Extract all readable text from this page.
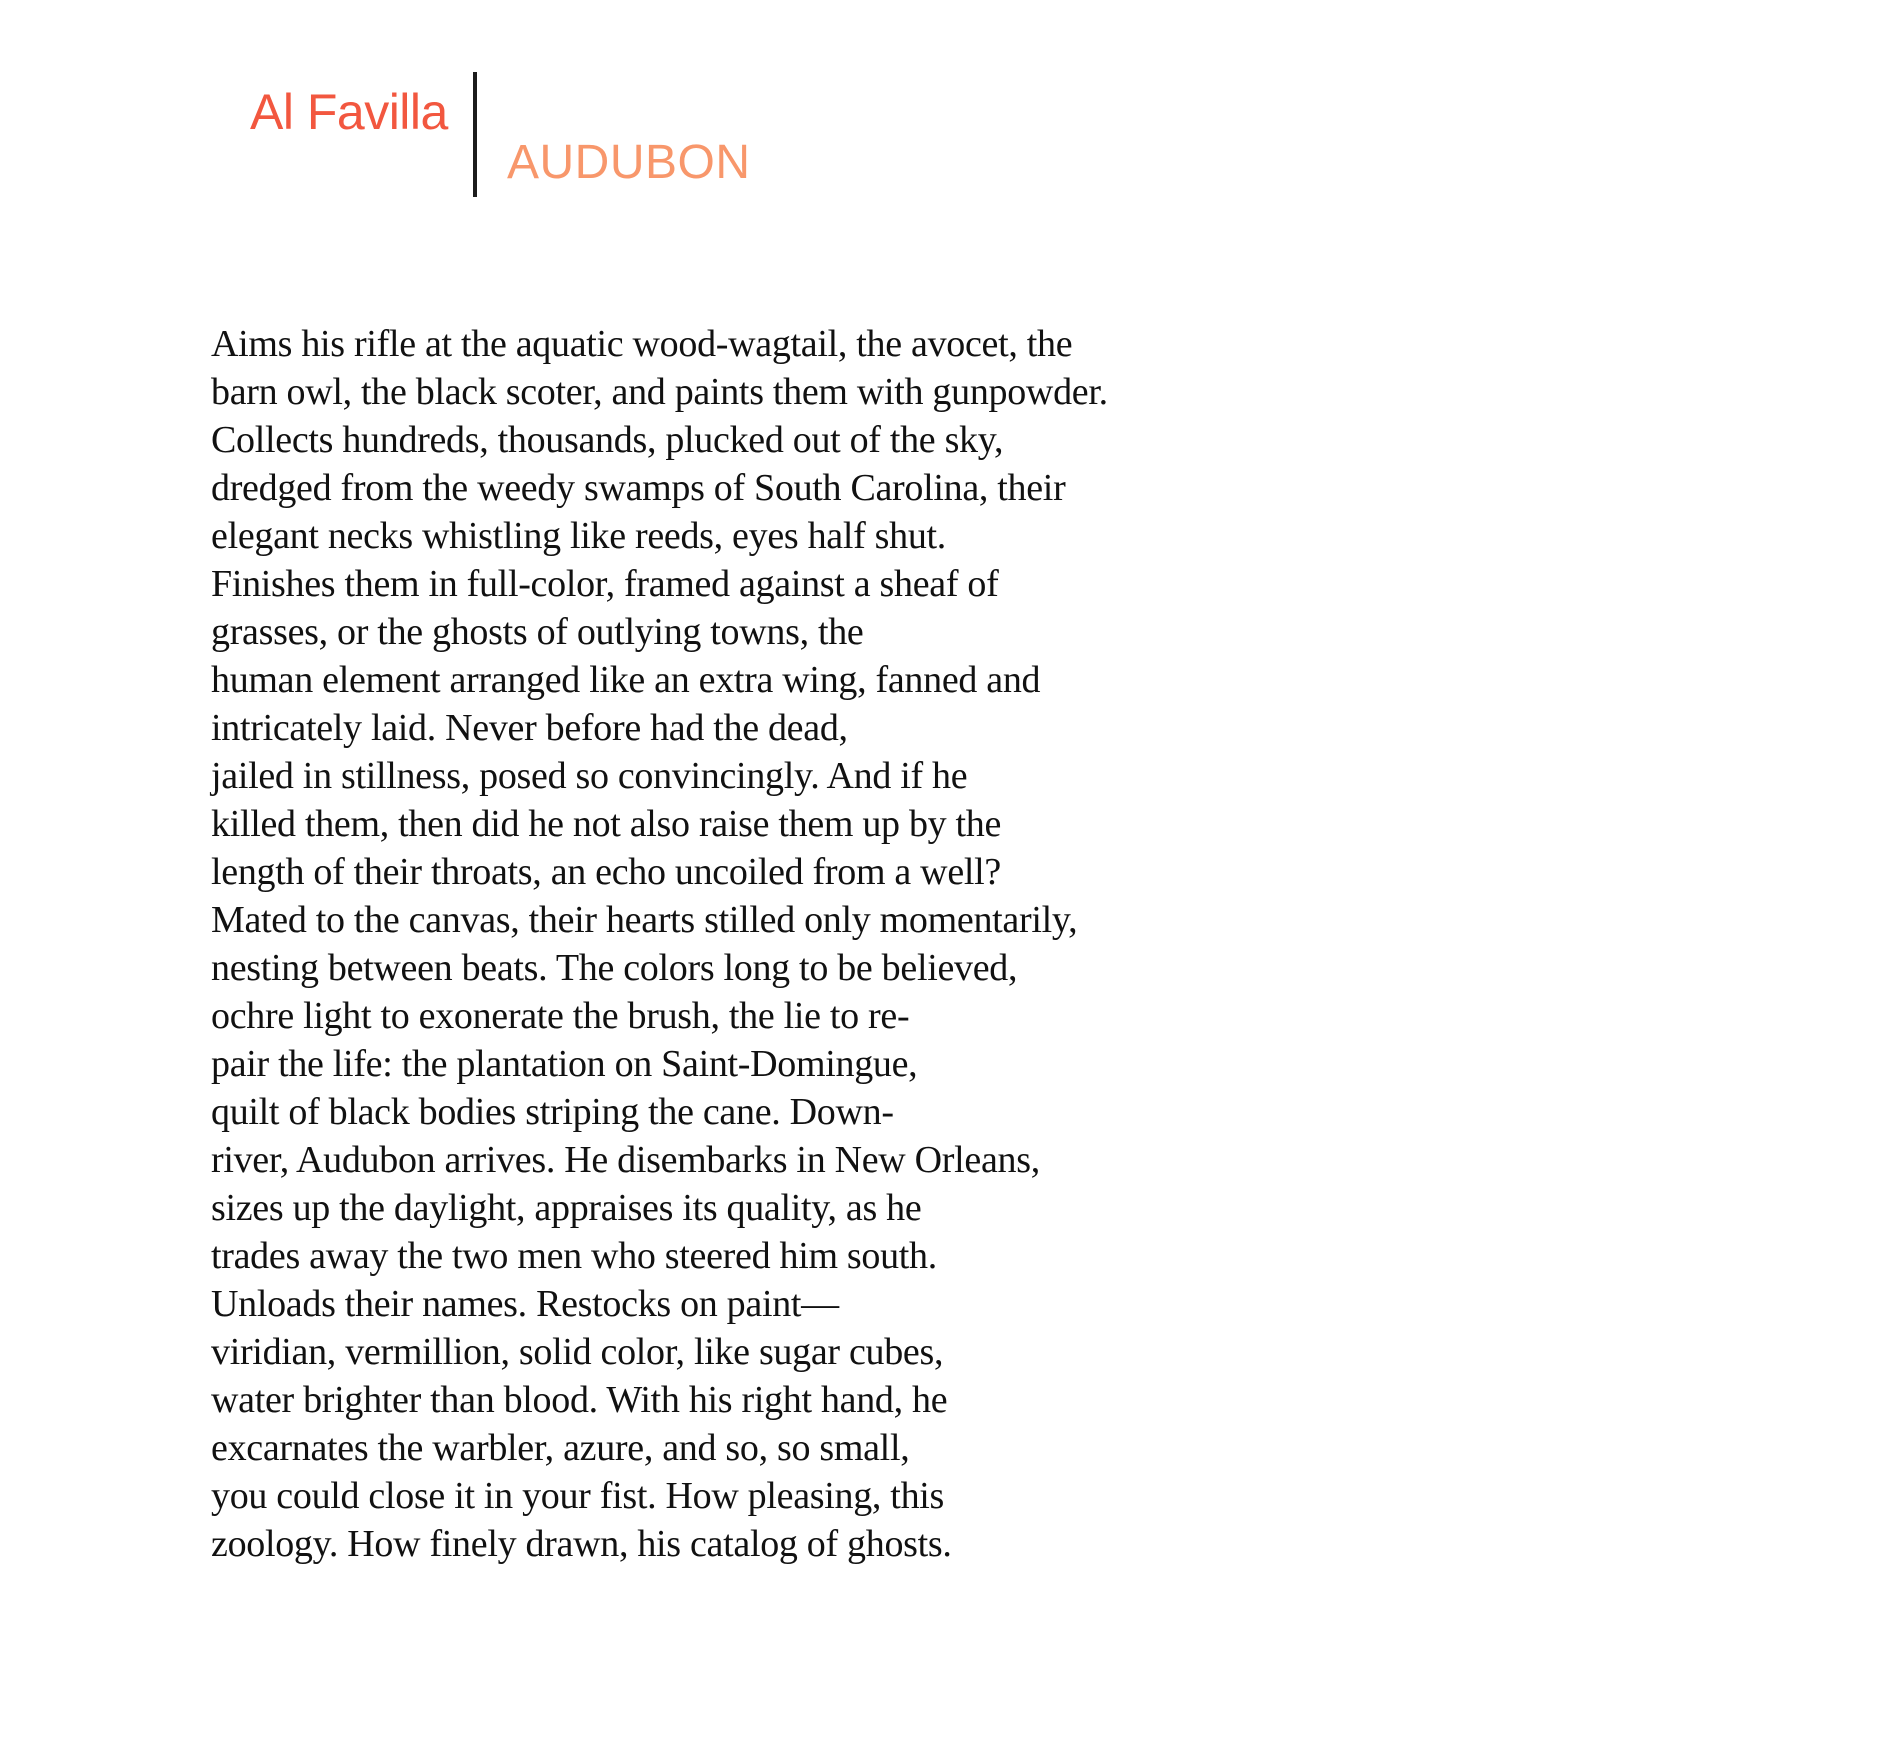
Al Favilla
AUDUBON
Aims his rifle at the aquatic wood-wagtail, the avocet, the
barn owl, the black scoter, and paints them with gunpowder.
Collects hundreds, thousands, plucked out of the sky,
dredged from the weedy swamps of South Carolina, their
elegant necks whistling like reeds, eyes half shut.
Finishes them in full-color, framed against a sheaf of
grasses, or the ghosts of outlying towns, the
human element arranged like an extra wing, fanned and
intricately laid. Never before had the dead,
jailed in stillness, posed so convincingly. And if he
killed them, then did he not also raise them up by the
length of their throats, an echo uncoiled from a well?
Mated to the canvas, their hearts stilled only momentarily,
nesting between beats. The colors long to be believed,
ochre light to exonerate the brush, the lie to re-
pair the life: the plantation on Saint-Domingue,
quilt of black bodies striping the cane. Down-
river, Audubon arrives. He disembarks in New Orleans,
sizes up the daylight, appraises its quality, as he
trades away the two men who steered him south.
Unloads their names. Restocks on paint—
viridian, vermillion, solid color, like sugar cubes,
water brighter than blood. With his right hand, he
excarnates the warbler, azure, and so, so small,
you could close it in your fist. How pleasing, this
zoology. How finely drawn, his catalog of ghosts.
